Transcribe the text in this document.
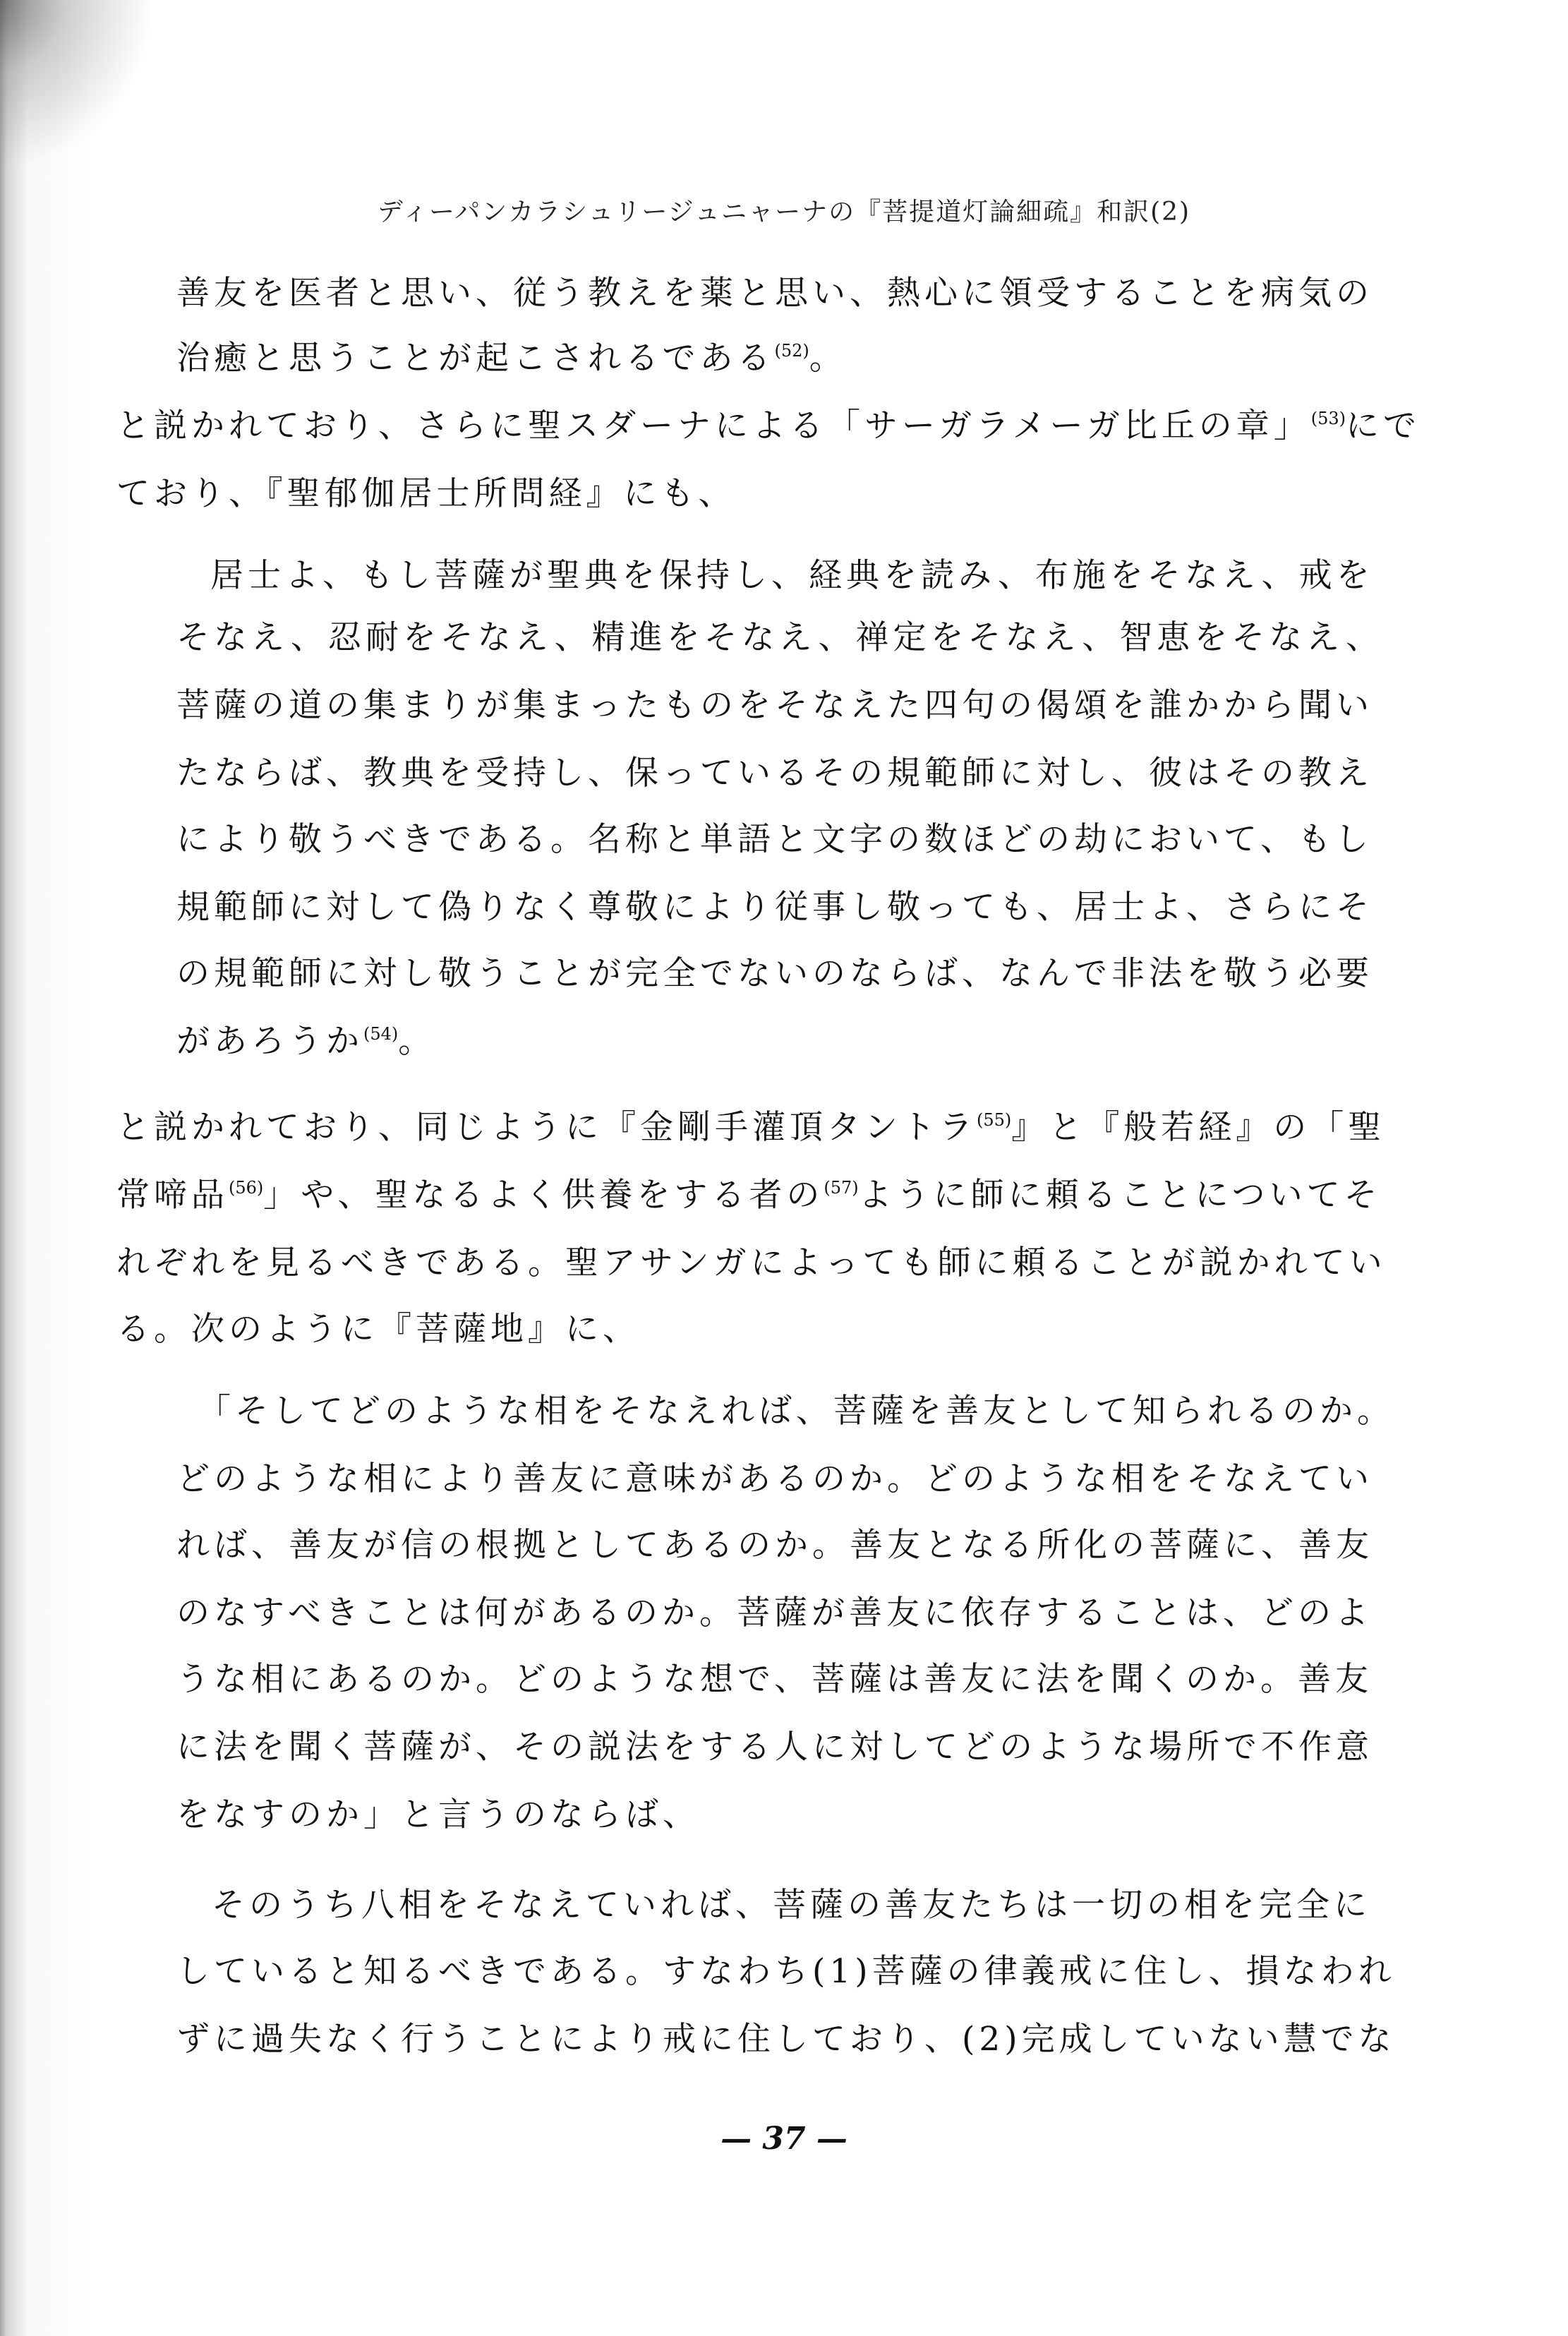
ディーパンカラシュリージュニャーナの『菩提道灯論細疏』和訳(2)
善友を医者と思い、従う教えを薬と思い、熱心に領受することを病気の
治癒と思うことが起こされるである$^{(52)}$。
と説かれており、さらに聖スダーナによる「サーガラメーガ比丘の章」$^{(53)}$にで
ており、『聖郁伽居士所問経』にも、
居士よ、もし菩薩が聖典を保持し、経典を読み、布施をそなえ、戒を
そなえ、忍耐をそなえ、精進をそなえ、禅定をそなえ、智恵をそなえ、
菩薩の道の集まりが集まったものをそなえた四句の偈頌を誰かから聞い
たならば、教典を受持し、保っているその規範師に対し、彼はその教え
により敬うべきである。名称と単語と文字の数ほどの劫において、もし
規範師に対して偽りなく尊敬により従事し敬っても、居士よ、さらにそ
の規範師に対し敬うことが完全でないのならば、なんで非法を敬う必要
があろうか$^{(54)}$。
と説かれており、同じように『金剛手灌頂タントラ$^{(55)}$』と『般若経』の「聖
常啼品$^{(56)}$」や、聖なるよく供養をする者の$^{(57)}$ように師に頼ることについてそ
れぞれを見るべきである。聖アサンガによっても師に頼ることが説かれてい
る。次のように『菩薩地』に、
「そしてどのような相をそなえれば、菩薩を善友として知られるのか。
どのような相により善友に意味があるのか。どのような相をそなえてい
れば、善友が信の根拠としてあるのか。善友となる所化の菩薩に、善友
のなすべきことは何があるのか。菩薩が善友に依存することは、どのよ
うな相にあるのか。どのような想で、菩薩は善友に法を聞くのか。善友
に法を聞く菩薩が、その説法をする人に対してどのような場所で不作意
をなすのか」と言うのならば、
そのうち八相をそなえていれば、菩薩の善友たちは一切の相を完全に
していると知るべきである。すなわち(1)菩薩の律義戒に住し、損なわれ
ずに過失なく行うことにより戒に住しており、(2)完成していない慧でな
— 37 —
